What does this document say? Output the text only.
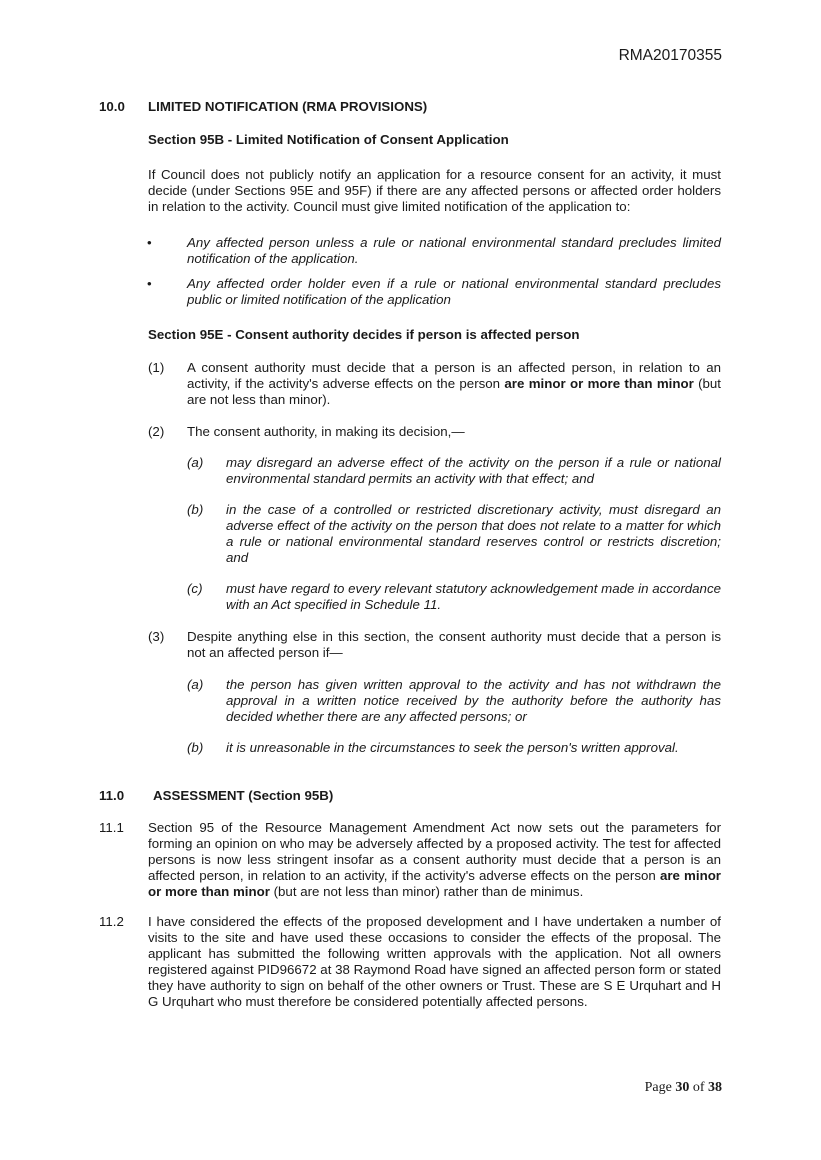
RMA20170355
10.0 LIMITED NOTIFICATION (RMA PROVISIONS)
Section 95B - Limited Notification of Consent Application
If Council does not publicly notify an application for a resource consent for an activity, it must decide (under Sections 95E and 95F) if there are any affected persons or affected order holders in relation to the activity. Council must give limited notification of the application to:
•	Any affected person unless a rule or national environmental standard precludes limited notification of the application.
•	Any affected order holder even if a rule or national environmental standard precludes public or limited notification of the application
Section 95E - Consent authority decides if person is affected person
(1) A consent authority must decide that a person is an affected person, in relation to an activity, if the activity's adverse effects on the person are minor or more than minor (but are not less than minor).
(2) The consent authority, in making its decision,—
(a) may disregard an adverse effect of the activity on the person if a rule or national environmental standard permits an activity with that effect; and
(b) in the case of a controlled or restricted discretionary activity, must disregard an adverse effect of the activity on the person that does not relate to a matter for which a rule or national environmental standard reserves control or restricts discretion; and
(c) must have regard to every relevant statutory acknowledgement made in accordance with an Act specified in Schedule 11.
(3) Despite anything else in this section, the consent authority must decide that a person is not an affected person if—
(a) the person has given written approval to the activity and has not withdrawn the approval in a written notice received by the authority before the authority has decided whether there are any affected persons; or
(b) it is unreasonable in the circumstances to seek the person's written approval.
11.0 ASSESSMENT (Section 95B)
11.1 Section 95 of the Resource Management Amendment Act now sets out the parameters for forming an opinion on who may be adversely affected by a proposed activity. The test for affected persons is now less stringent insofar as a consent authority must decide that a person is an affected person, in relation to an activity, if the activity's adverse effects on the person are minor or more than minor (but are not less than minor) rather than de minimus.
11.2 I have considered the effects of the proposed development and I have undertaken a number of visits to the site and have used these occasions to consider the effects of the proposal. The applicant has submitted the following written approvals with the application. Not all owners registered against PID96672 at 38 Raymond Road have signed an affected person form or stated they have authority to sign on behalf of the other owners or Trust. These are S E Urquhart and H G Urquhart who must therefore be considered potentially affected persons.
Page 30 of 38
